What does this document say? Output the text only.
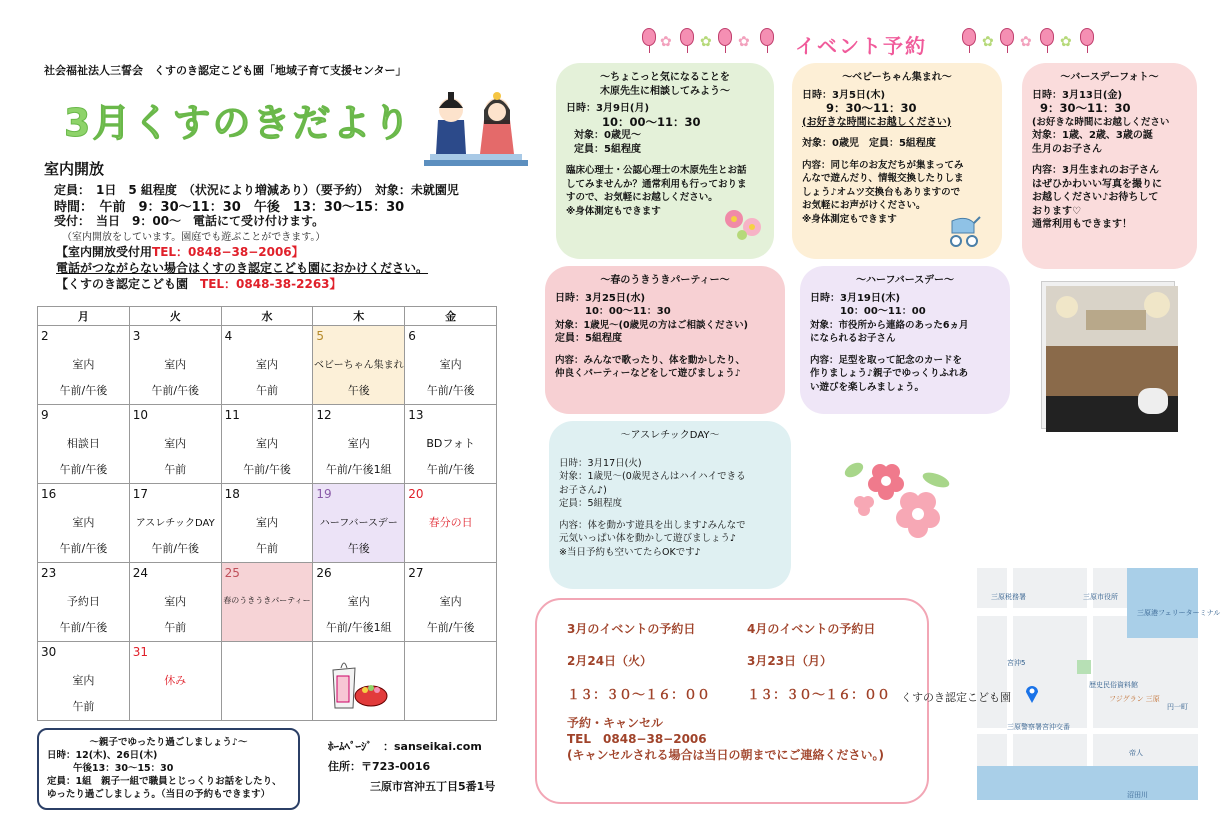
社会福祉法人三誓会　くすのき認定こども園「地域子育て支援センター」
3月くすのきだより
室内開放
定員：　1日　5 組程度　（状況により増減あり）（要予約）　対象：未就園児
時間：　午前　9：30～11：30　午後　13：30～15：30
受付：　当日　9：00～　電話にて受け付けます。
（室内開放をしています。園庭でも遊ぶことができます。）
【室内開放受付用TEL：0848−38−2006】
電話がつながらない場合はくすのき認定こども園におかけください。
【くすのき認定こども園　 TEL：0848-38-2263】
月	火	水	木	金

2
室内
午前/午後	3
室内
午前/午後	4
室内
午前	5
ベビーちゃん集まれ
午後	6
室内
午前/午後

9
相談日
午前/午後	10
室内
午前	11
室内
午前/午後	12
室内
午前/午後1組	13
BDフォト
午前/午後

16
室内
午前/午後	17
アスレチックDAY
午前/午後	18
室内
午前	19
ハーフバースデー
午後	20
春分の日

23
予約日
午前/午後	24
室内
午前	25
春のうきうきパーティー	26
室内
午前/午後1組	27
室内
午前/午後

30
室内
午前	31
休み

～親子でゆったり過ごしましょう♪～
日時：12(木)、26日(木)
午後13：30～15：30
定員：1組　親子一組で職員とじっくりお話をしたり、
ゆったり過ごしましょう。（当日の予約もできます）
ﾎｰﾑﾍﾟｰｼﾞ　：sanseikai.com
住所：〒723-0016
三原市宮沖五丁目5番1号
✿ ✿ ✿ イベント予約	✿ ✿ ✿
～ちょこっと気になることを
木原先生に相談してみよう～
日時：3月9日(月)
10：00～11：30
対象：0歳児～
定員：5組程度
臨床心理士・公認心理士の木原先生とお話
してみませんか？通常利用も行っておりま
すので、お気軽にお越しください。
※身体測定もできます
～ベビーちゃん集まれ～
日時：3月5日(木)
9：30～11：30
(お好きな時間にお越しください)
対象：0歳児　定員：5組程度
内容：同じ年のお友だちが集まってみ
んなで遊んだり、情報交換したりしま
しょう♪オムツ交換台もありますので
お気軽にお声がけください。
※身体測定もできます
～バースデーフォト～
日時：3月13日(金)
9：30～11：30
(お好きな時間にお越しください
対象：1歳、2歳、3歳の誕
生月のお子さん
内容：3月生まれのお子さん
はぜひかわいい写真を撮りに
お越しください♪お待ちして
おります♡
通常利用もできます！
～春のうきうきパーティー～
日時：3月25日(水)
10：00～11：30
対象：1歳児～(0歳児の方はご相談ください)
定員：5組程度
内容：みんなで歌ったり、体を動かしたり、
仲良くパーティーなどをして遊びましょう♪
～ハーフバースデー～
日時：3月19日(木)
10：00～11：00
対象：市役所から連絡のあった6ヵ月
になられるお子さん
内容：足型を取って記念のカードを
作りましょう♪親子でゆっくりふれあ
い遊びを楽しみましょう。
～アスレチックDAY～
日時：3月17日(火)
対象：1歳児～(0歳児さんはハイハイできる
お子さん♪)
定員：5組程度
内容：体を動かす遊具を出します♪みんなで
元気いっぱい体を動かして遊びましょう♪
※当日予約も空いてたらOKです♪
3月のイベントの予約日	4月のイベントの予約日
2月24日（火）	3月23日（月）
１３：３０～１６：００	１３：３０～１６：００
予約・キャンセル
TEL　0848−38−2006
(キャンセルされる場合は当日の朝までにご連絡ください。)
三原税務署	三原市役所
三原港フェリーターミナル
歴史民俗資料館
フジグラン 三原
三原警察署宮沖交番
帝人
沼田川
円一町
宮沖5
くすのき認定こども園
